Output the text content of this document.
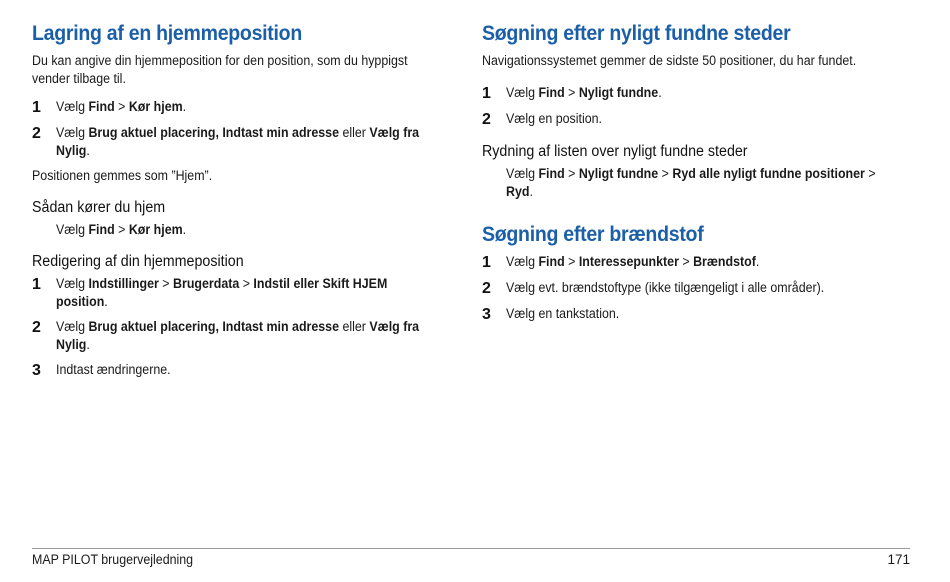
Lagring af en hjemmeposition
Du kan angive din hjemmeposition for den position, som du hyppigst vender tilbage til.
1	Vælg Find > Kør hjem.
2	Vælg Brug aktuel placering, Indtast min adresse eller Vælg fra Nylig.
Positionen gemmes som ”Hjem”.
Sådan kører du hjem
Vælg Find > Kør hjem.
Redigering af din hjemmeposition
1	Vælg Indstillinger > Brugerdata > Indstil eller Skift HJEM position.
2	Vælg Brug aktuel placering, Indtast min adresse eller Vælg fra Nylig.
3	Indtast ændringerne.
Søgning efter nyligt fundne steder
Navigationssystemet gemmer de sidste 50 positioner, du har fundet.
1	Vælg Find > Nyligt fundne.
2	Vælg en position.
Rydning af listen over nyligt fundne steder
Vælg Find > Nyligt fundne > Ryd alle nyligt fundne positioner > Ryd.
Søgning efter brændstof
1	Vælg Find > Interessepunkter > Brændstof.
2	Vælg evt. brændstoftype (ikke tilgængeligt i alle områder).
3	Vælg en tankstation.
MAP PILOT brugervejledning	171
